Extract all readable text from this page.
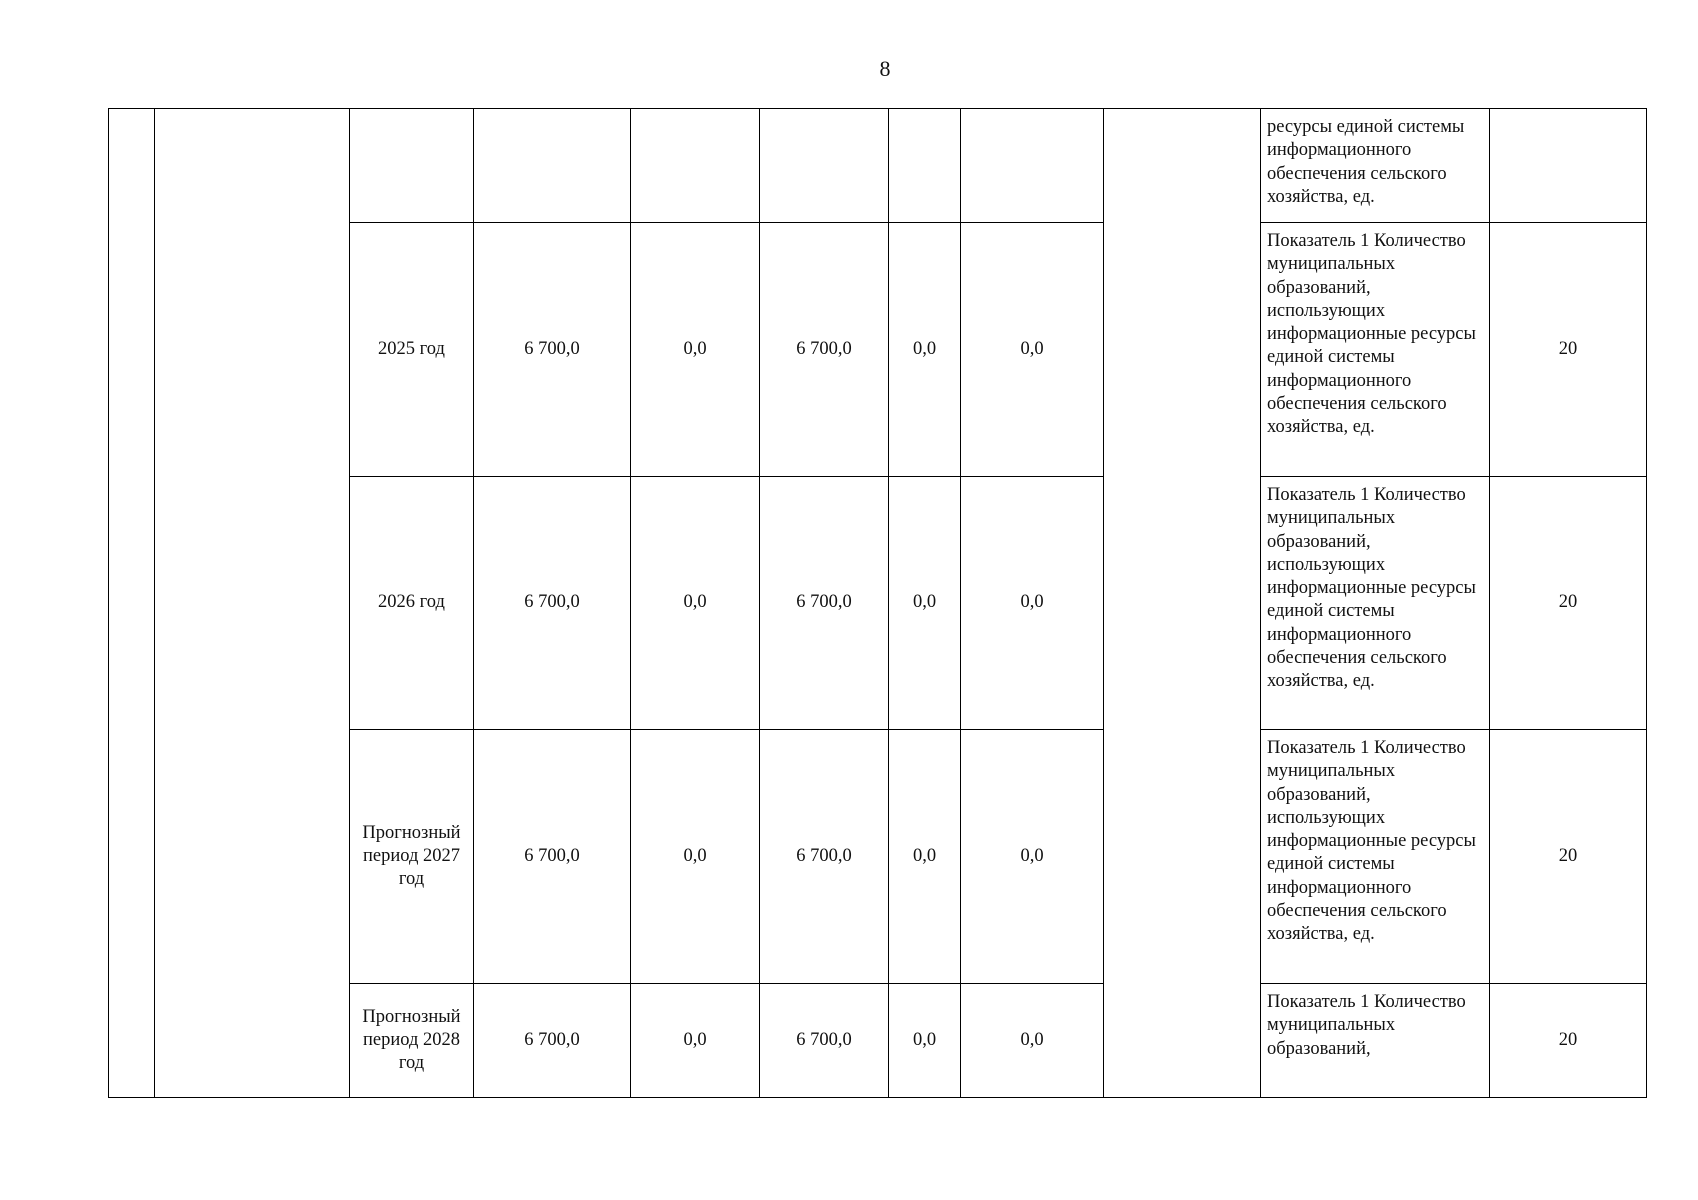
8
									ресурсы единой системы информационного обеспечения сельского хозяйства, ед.	
		2025 год	6 700,0	0,0	6 700,0	0,0	0,0		Показатель 1 Количество муниципальных образований, использующих информационные ресурсы единой системы информационного обеспечения сельского хозяйства, ед.	20
		2026 год	6 700,0	0,0	6 700,0	0,0	0,0		Показатель 1 Количество муниципальных образований, использующих информационные ресурсы единой системы информационного обеспечения сельского хозяйства, ед.	20
		Прогнозный период 2027 год	6 700,0	0,0	6 700,0	0,0	0,0		Показатель 1 Количество муниципальных образований, использующих информационные ресурсы единой системы информационного обеспечения сельского хозяйства, ед.	20
		Прогнозный период 2028 год	6 700,0	0,0	6 700,0	0,0	0,0		Показатель 1 Количество муниципальных образований,	20
